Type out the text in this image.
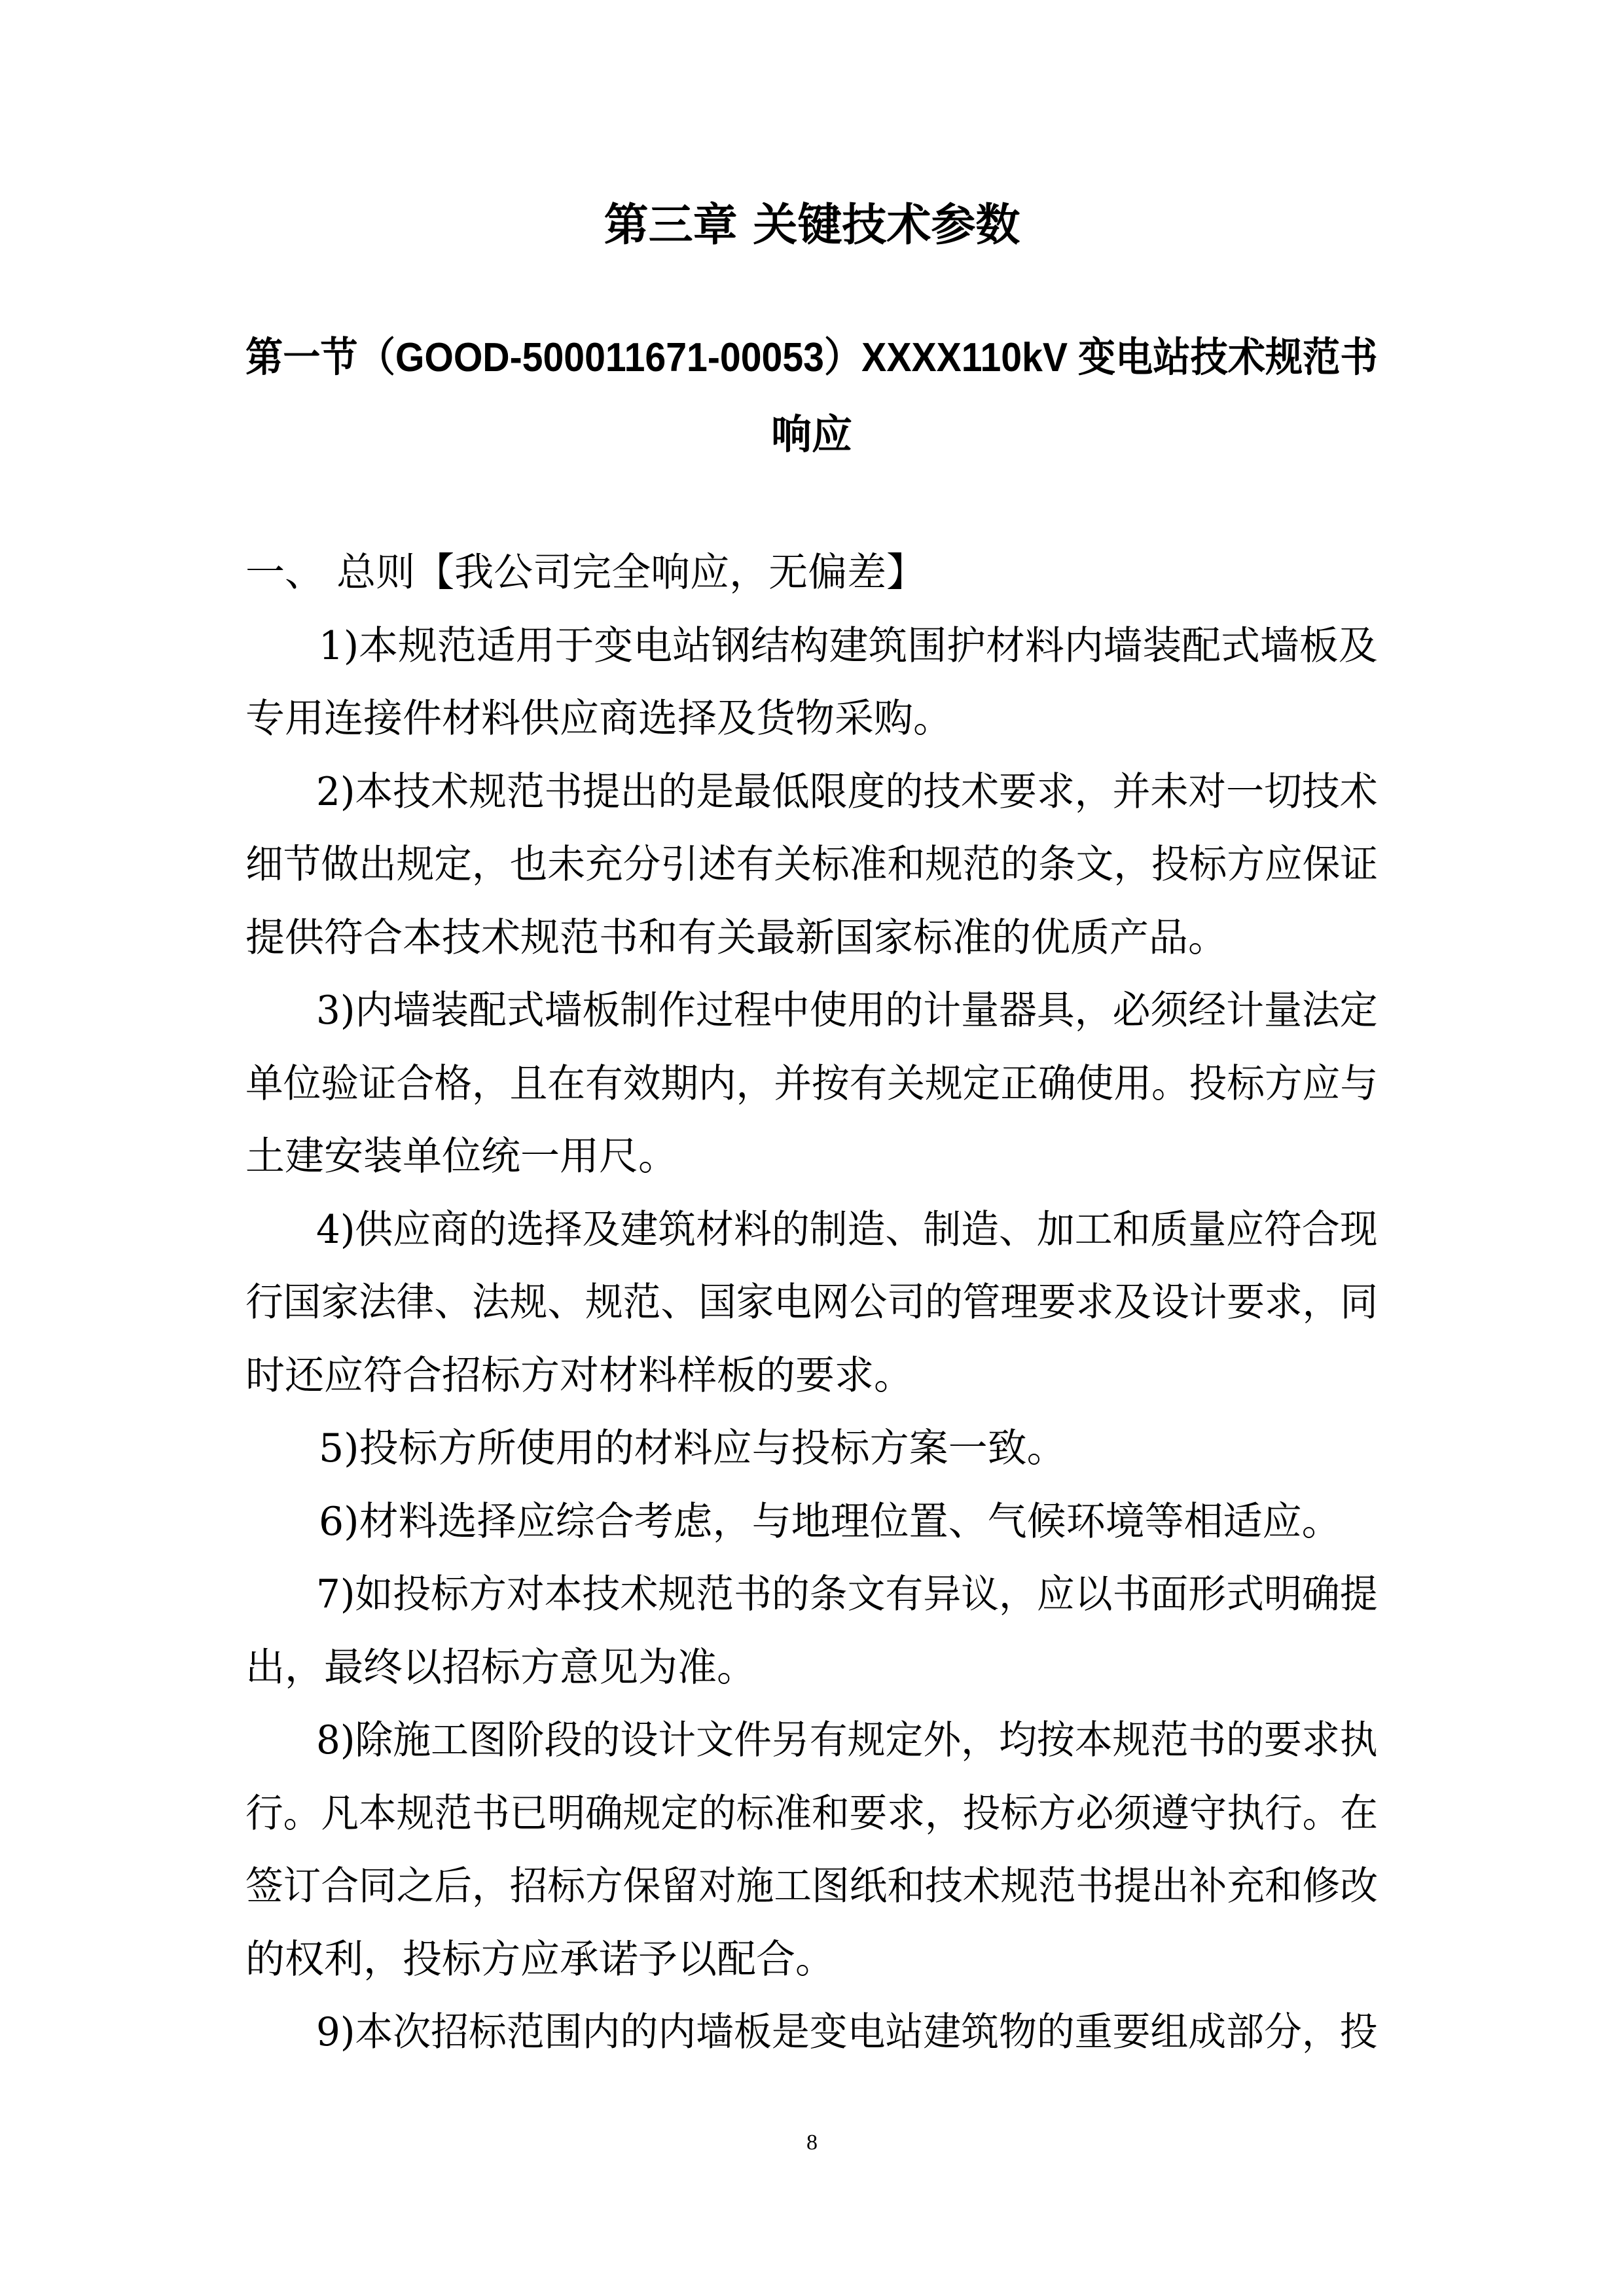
第三章 关键技术参数
第一节（GOOD-500011671-00053）XXXX110kV 变电站技术规范书
响应
一、 总则【我公司完全响应，无偏差】
1)本规范适用于变电站钢结构建筑围护材料内墙装配式墙板及
专用连接件材料供应商选择及货物采购。
2)本技术规范书提出的是最低限度的技术要求，并未对一切技术
细节做出规定，也未充分引述有关标准和规范的条文，投标方应保证
提供符合本技术规范书和有关最新国家标准的优质产品。
3)内墙装配式墙板制作过程中使用的计量器具，必须经计量法定
单位验证合格，且在有效期内，并按有关规定正确使用。投标方应与
土建安装单位统一用尺。
4)供应商的选择及建筑材料的制造、制造、加工和质量应符合现
行国家法律、法规、规范、国家电网公司的管理要求及设计要求，同
时还应符合招标方对材料样板的要求。
5)投标方所使用的材料应与投标方案一致。
6)材料选择应综合考虑，与地理位置、气候环境等相适应。
7)如投标方对本技术规范书的条文有异议，应以书面形式明确提
出，最终以招标方意见为准。
8)除施工图阶段的设计文件另有规定外，均按本规范书的要求执
行。凡本规范书已明确规定的标准和要求，投标方必须遵守执行。在
签订合同之后，招标方保留对施工图纸和技术规范书提出补充和修改
的权利，投标方应承诺予以配合。
9)本次招标范围内的内墙板是变电站建筑物的重要组成部分，投
8
